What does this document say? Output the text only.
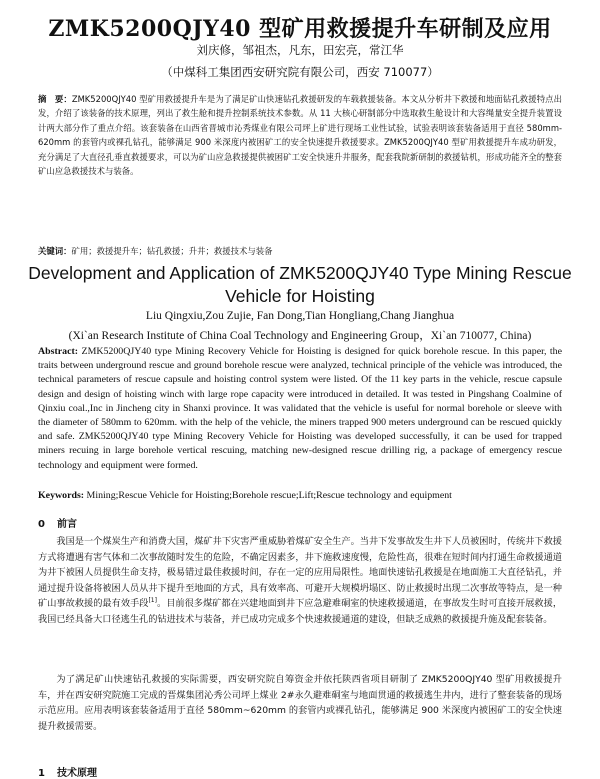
ZMK5200QJY40 型矿用救援提升车研制及应用
刘庆修，邹祖杰，凡东，田宏亮，常江华
（中煤科工集团西安研究院有限公司，西安 710077）
摘　要：ZMK5200QJY40 型矿用救援提升车是为了满足矿山快速钻孔救援研发的车载救援装备。本文从分析井下救援和地面钻孔救援特点出发，介绍了该装备的技术原理，列出了救生舱和提升控制系统技术参数。从 11 大核心研制部分中选取救生舱设计和大容绳量安全提升装置设计两大部分作了重点介绍。该套装备在山西省晋城市沁秀煤业有限公司坪上矿进行现场工业性试验，试验表明该套装备适用于直径 580mm-620mm 的套管内或裸孔钻孔，能够满足 900 米深度内被困矿工的安全快速提升救援要求。ZMK5200QJY40 型矿用救援提升车成功研发，充分满足了大直径孔垂直救援要求，可以为矿山应急救援提供被困矿工安全快速升井服务，配套我院新研制的救援钻机，形成功能齐全的整套矿山应急救援技术与装备。
关键词：矿用；救援提升车；钻孔救援；升井；救援技术与装备
Development and Application of ZMK5200QJY40 Type Mining Rescue Vehicle for Hoisting
Liu Qingxiu,Zou Zujie, Fan Dong,Tian Hongliang,Chang Jianghua
(Xi`an Research Institute of China Coal Technology and Engineering Group，Xi`an 710077, China)
Abstract: ZMK5200QJY40 type Mining Recovery Vehicle for Hoisting is designed for quick borehole rescue. In this paper, the traits between underground rescue and ground borehole rescue were analyzed, technical principle of the vehicle was introduced, the technical parameters of rescue capsule and hoisting control system were listed. Of the 11 key parts in the vehicle, rescue capsule design and design of hoisting winch with large rope capacity were introduced in detailed. It was tested in Pingshang Coalmine of Qinxiu coal.,Inc in Jincheng city in Shanxi province. It was validated that the vehicle is useful for normal borehole or sleeve with the diameter of 580mm to 620mm. with the help of the vehicle, the miners trapped 900 meters underground can be rescued quickly and safe. ZMK5200QJY40 type Mining Recovery Vehicle for Hoisting was developed successfully, it can be used for trapped miners recuing in large borehole vertical rescuing, matching new-designed rescue drilling rig, a package of emergency rescue technology and equipment were formed.
Keywords: Mining;Rescue Vehicle for Hoisting;Borehole rescue;Lift;Rescue technology and equipment
0 前言
我国是一个煤炭生产和消费大国，煤矿井下灾害严重威胁着煤矿安全生产。当井下发事故发生井下人员被困时，传统井下救援方式将遭遇有害气体和二次事故随时发生的危险，不确定因素多，井下施救速度慢，危险性高，很难在短时间内打通生命救援通道为井下被困人员提供生命支持，极易错过最佳救援时间，存在一定的应用局限性。地面快速钻孔救援是在地面施工大直径钻孔，并通过提升设备将被困人员从井下提升至地面的方式，具有效率高、可避开大规模坍塌区、防止救援时出现二次事故等特点，是一种矿山事故救援的最有效手段[1]。目前很多煤矿都在兴建地面到井下应急避难硐室的快速救援通道，在事故发生时可直接开展救援，我国已经具备大口径逃生孔的钻进技术与装备，并已成功完成多个快速救援通道的建设，但缺乏成熟的救援提升施及配套装备。
为了满足矿山快速钻孔救援的实际需要，西安研究院自筹资金并依托陕西省项目研制了 ZMK5200QJY40 型矿用救援提升车，并在西安研究院施工完成的晋煤集团沁秀公司坪上煤业 2#永久避难硐室与地面贯通的救援逃生井内，进行了整套装备的现场示范应用。应用表明该套装备适用于直径 580mm~620mm 的套管内或裸孔钻孔，能够满足 900 米深度内被困矿工的安全快速提升救援需要。
1 技术原理
